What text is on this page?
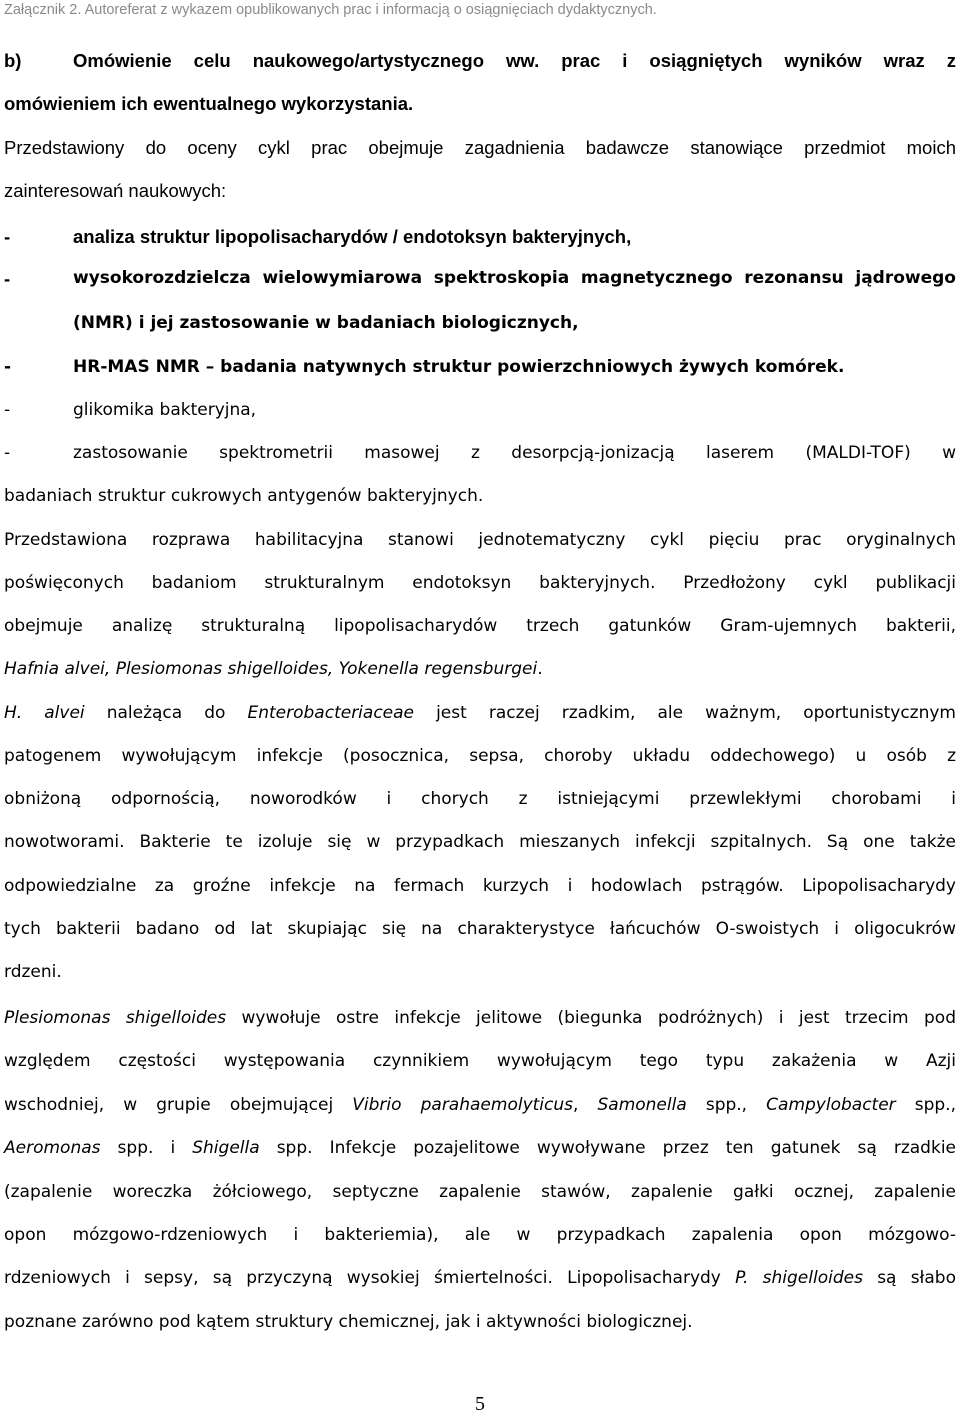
Załącznik 2. Autoreferat z wykazem opublikowanych prac i informacją o osiągnięciach dydaktycznych.
b)	Omówienie celu naukowego/artystycznego ww. prac i osiągniętych wyników wraz z
omówieniem ich ewentualnego wykorzystania.
Przedstawiony do oceny cykl prac obejmuje zagadnienia badawcze stanowiące przedmiot moich
zainteresowań naukowych:
-	analiza struktur lipopolisacharydów / endotoksyn bakteryjnych,
-	wysokorozdzielcza wielowymiarowa spektroskopia magnetycznego rezonansu jądrowego
(NMR) i jej zastosowanie w badaniach biologicznych,
-	HR-MAS NMR – badania natywnych struktur powierzchniowych żywych komórek.
-	glikomika bakteryjna,
-	zastosowanie spektrometrii masowej z desorpcją-jonizacją laserem (MALDI-TOF) w
badaniach struktur cukrowych antygenów bakteryjnych.
Przedstawiona rozprawa habilitacyjna stanowi jednotematyczny cykl pięciu prac oryginalnych
poświęconych badaniom strukturalnym endotoksyn bakteryjnych. Przedłożony cykl publikacji
obejmuje analizę strukturalną lipopolisacharydów trzech gatunków Gram-ujemnych bakterii,
Hafnia alvei, Plesiomonas shigelloides, Yokenella regensburgei.
H. alvei należąca do Enterobacteriaceae jest raczej rzadkim, ale ważnym, oportunistycznym
patogenem wywołującym infekcje (posocznica, sepsa, choroby układu oddechowego) u osób z
obniżoną odpornością, noworodków i chorych z istniejącymi przewlekłymi chorobami i
nowotworami. Bakterie te izoluje się w przypadkach mieszanych infekcji szpitalnych. Są one także
odpowiedzialne za groźne infekcje na fermach kurzych i hodowlach pstrągów. Lipopolisacharydy
tych bakterii badano od lat skupiając się na charakterystyce łańcuchów O-swoistych i oligocukrów
rdzeni.
Plesiomonas shigelloides wywołuje ostre infekcje jelitowe (biegunka podróżnych) i jest trzecim pod
względem częstości występowania czynnikiem wywołującym tego typu zakażenia w Azji
wschodniej, w grupie obejmującej Vibrio parahaemolyticus, Samonella spp., Campylobacter spp.,
Aeromonas spp. i Shigella spp. Infekcje pozajelitowe wywoływane przez ten gatunek są rzadkie
(zapalenie woreczka żółciowego, septyczne zapalenie stawów, zapalenie gałki ocznej, zapalenie
opon mózgowo-rdzeniowych i bakteriemia), ale w przypadkach zapalenia opon mózgowo-
rdzeniowych i sepsy, są przyczyną wysokiej śmiertelności. Lipopolisacharydy P. shigelloides są słabo
poznane zarówno pod kątem struktury chemicznej, jak i aktywności biologicznej.
5
